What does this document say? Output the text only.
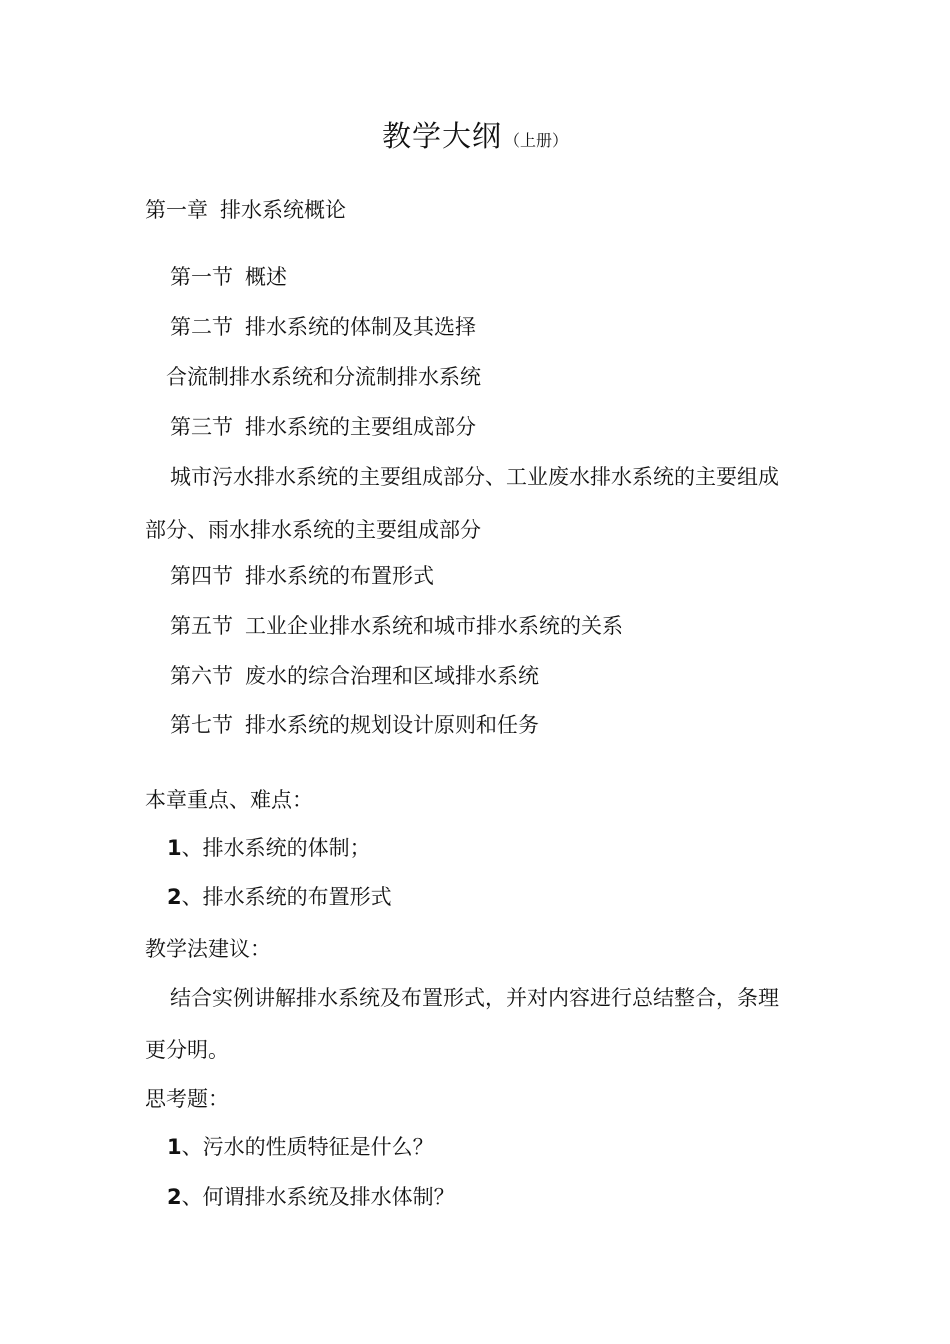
教学大纲 （上册）
第一章 排水系统概论
第一节 概述
第二节 排水系统的体制及其选择
合流制排水系统和分流制排水系统
第三节 排水系统的主要组成部分
城市污水排水系统的主要组成部分、工业废水排水系统的主要组成
部分、雨水排水系统的主要组成部分
第四节 排水系统的布置形式
第五节 工业企业排水系统和城市排水系统的关系
第六节 废水的综合治理和区域排水系统
第七节 排水系统的规划设计原则和任务
本章重点、难点：
1、排水系统的体制；
2、排水系统的布置形式
教学法建议：
结合实例讲解排水系统及布置形式，并对内容进行总结整合，条理
更分明。
思考题：
1、污水的性质特征是什么？
2、何谓排水系统及排水体制？
